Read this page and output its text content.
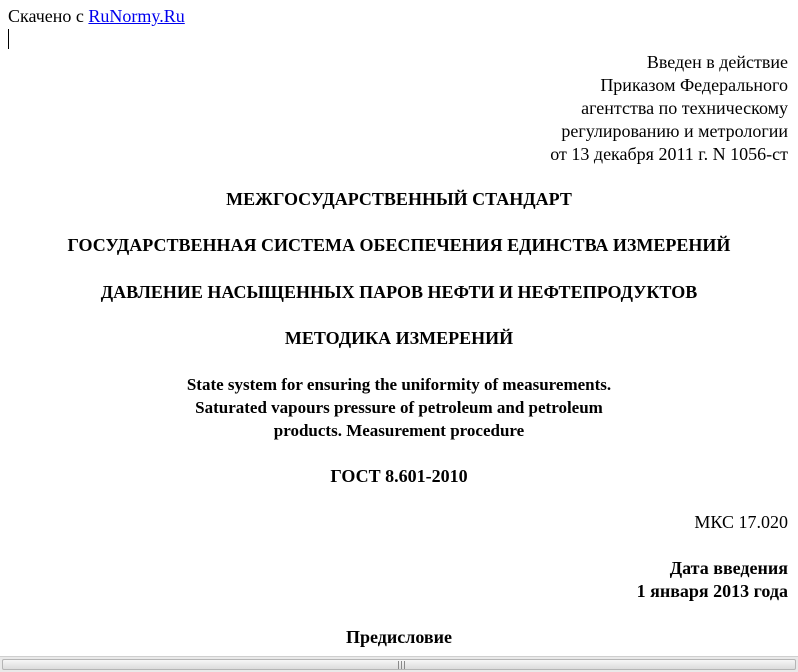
Скачено с RuNormy.Ru
Введен в действие
Приказом Федерального
агентства по техническому
регулированию и метрологии
от 13 декабря 2011 г. N 1056-ст
МЕЖГОСУДАРСТВЕННЫЙ СТАНДАРТ
ГОСУДАРСТВЕННАЯ СИСТЕМА ОБЕСПЕЧЕНИЯ ЕДИНСТВА ИЗМЕРЕНИЙ
ДАВЛЕНИЕ НАСЫЩЕННЫХ ПАРОВ НЕФТИ И НЕФТЕПРОДУКТОВ
МЕТОДИКА ИЗМЕРЕНИЙ
State system for ensuring the uniformity of measurements.
Saturated vapours pressure of petroleum and petroleum
products. Measurement procedure
ГОСТ 8.601-2010
МКС 17.020
Дата введения
1 января 2013 года
Предисловие
